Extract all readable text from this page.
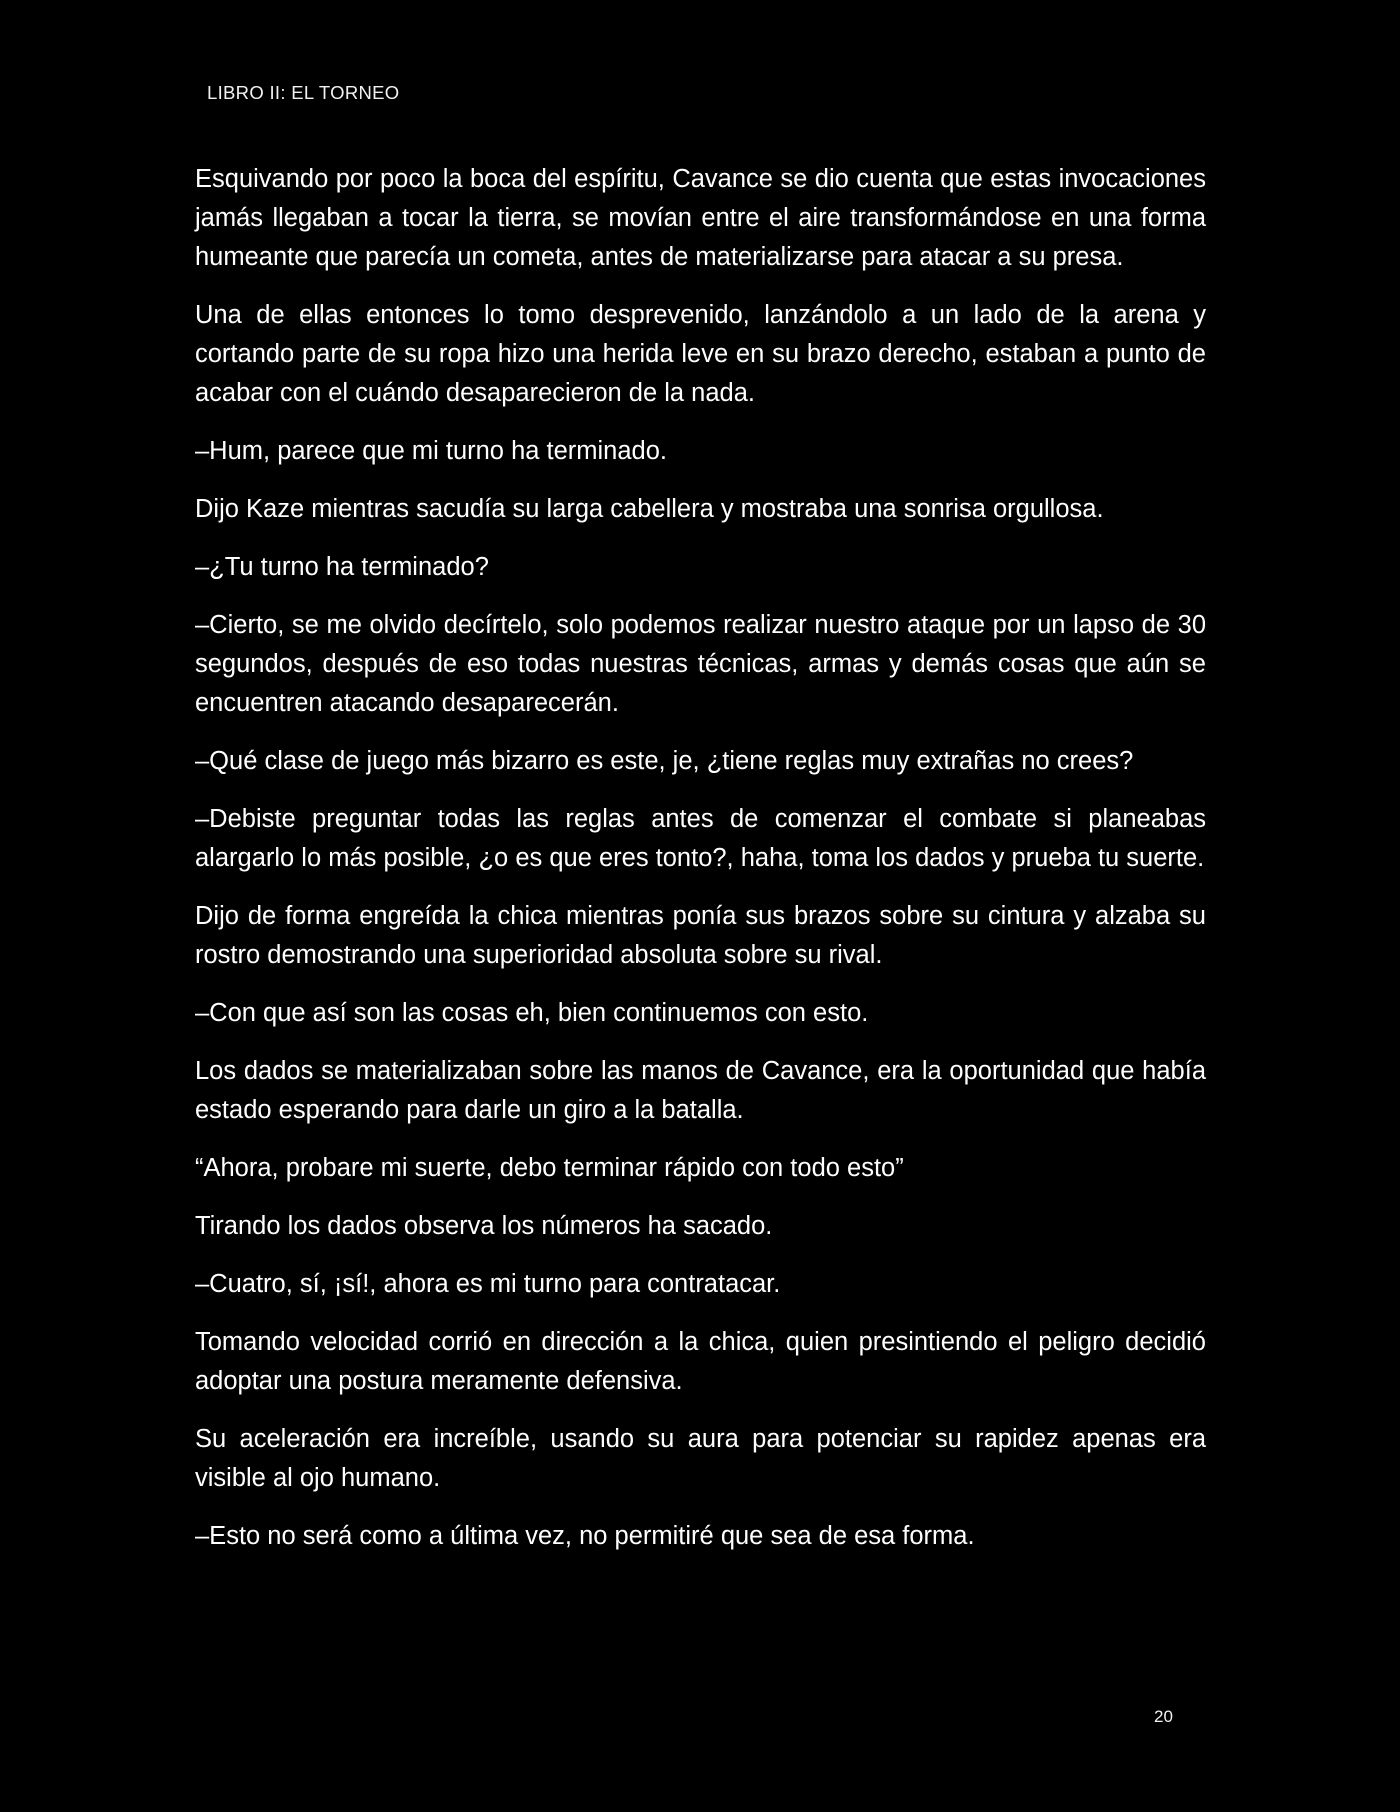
LIBRO II: EL TORNEO

Esquivando por poco la boca del espíritu, Cavance se dio cuenta que estas invocaciones jamás llegaban a tocar la tierra, se movían entre el aire transformándose en una forma humeante que parecía un cometa, antes de materializarse para atacar a su presa.

Una de ellas entonces lo tomo desprevenido, lanzándolo a un lado de la arena y cortando parte de su ropa hizo una herida leve en su brazo derecho, estaban a punto de acabar con el cuándo desaparecieron de la nada.

–Hum, parece que mi turno ha terminado.

Dijo Kaze mientras sacudía su larga cabellera y mostraba una sonrisa orgullosa.

–¿Tu turno ha terminado?

–Cierto, se me olvido decírtelo, solo podemos realizar nuestro ataque por un lapso de 30 segundos, después de eso todas nuestras técnicas, armas y demás cosas que aún se encuentren atacando desaparecerán.

–Qué clase de juego más bizarro es este, je, ¿tiene reglas muy extrañas no crees?

–Debiste preguntar todas las reglas antes de comenzar el combate si planeabas alargarlo lo más posible, ¿o es que eres tonto?, haha, toma los dados y prueba tu suerte.

Dijo de forma engreída la chica mientras ponía sus brazos sobre su cintura y alzaba su rostro demostrando una superioridad absoluta sobre su rival.

–Con que así son las cosas eh, bien continuemos con esto.

Los dados se materializaban sobre las manos de Cavance, era la oportunidad que había estado esperando para darle un giro a la batalla.

“Ahora, probare mi suerte, debo terminar rápido con todo esto”

Tirando los dados observa los números ha sacado.

–Cuatro, sí, ¡sí!, ahora es mi turno para contratacar.

Tomando velocidad corrió en dirección a la chica, quien presintiendo el peligro decidió adoptar una postura meramente defensiva.

Su aceleración era increíble, usando su aura para potenciar su rapidez apenas era visible al ojo humano.

–Esto no será como a última vez, no permitiré que sea de esa forma.

20
